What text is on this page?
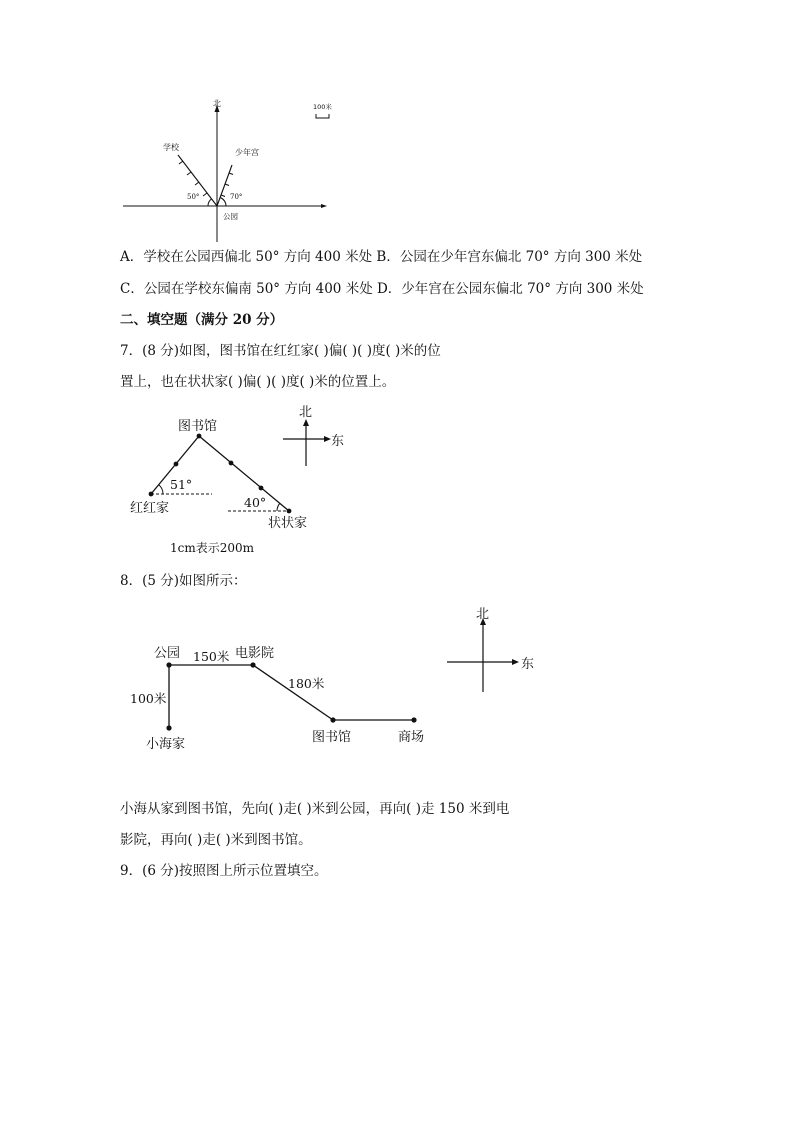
北	100米
学校
少年宫
50°	70°
公园
A．学校在公园西偏北 50° 方向 400 米处 B．公园在少年宫东偏北 70° 方向 300 米处
C．公园在学校东偏南 50° 方向 400 米处 D．少年宫在公园东偏北 70° 方向 300 米处
二、填空题（满分 20 分）
7．(8 分)如图，图书馆在红红家( )偏( )( )度( )米的位
置上，也在状状家( )偏( )( )度( )米的位置上。
图书馆
51°
40°
红红家
状状家
1cm表示200m
北
东
8．(5 分)如图所示：
公园 150米 电影院
180米
100米
小海家	图书馆	商场
北
东
小海从家到图书馆，先向( )走( )米到公园，再向( )走 150 米到电
影院，再向( )走( )米到图书馆。
9．(6 分)按照图上所示位置填空。
